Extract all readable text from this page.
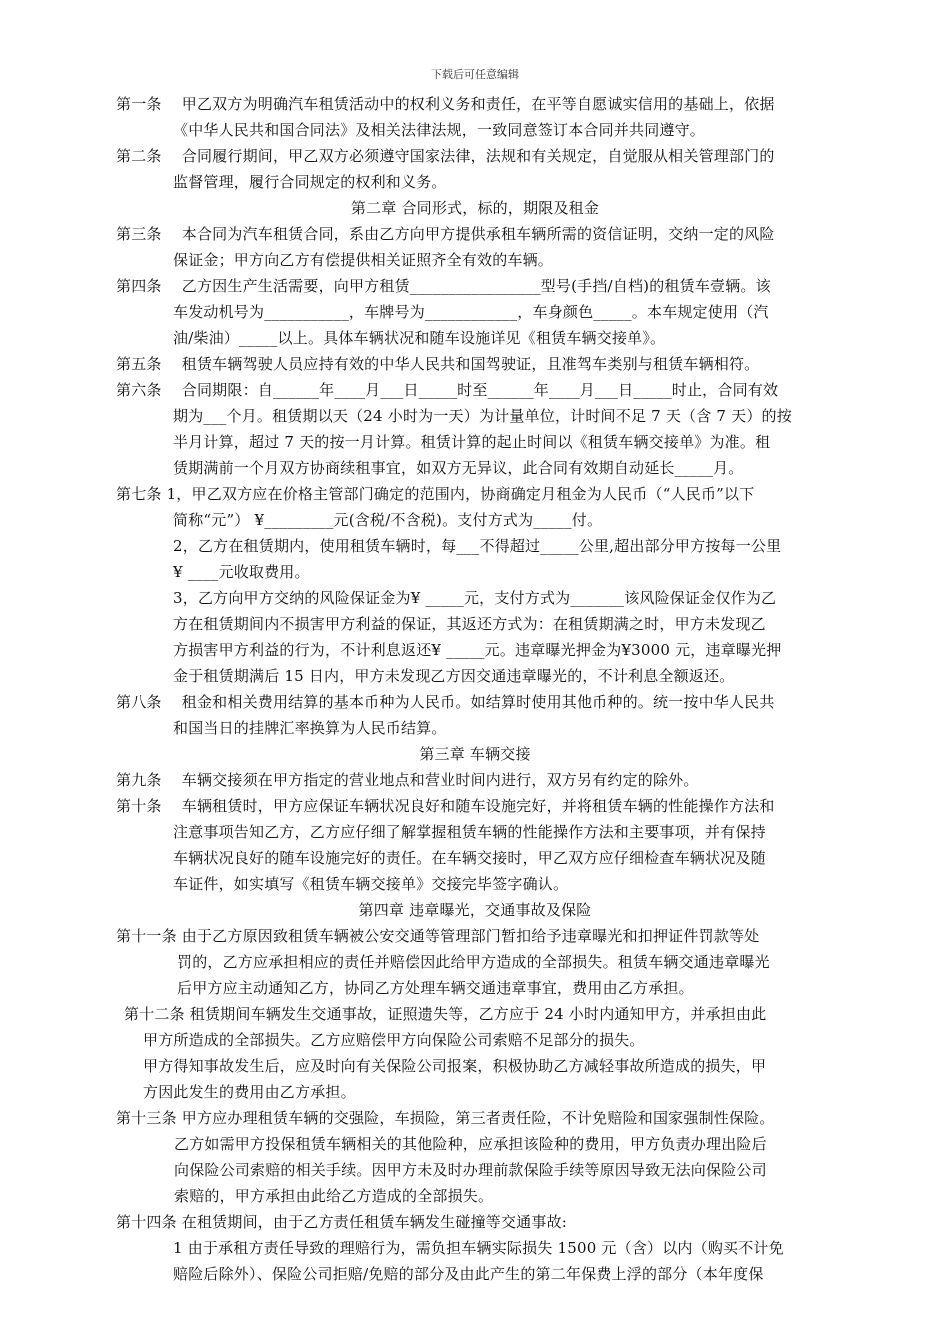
下载后可任意编辑
第一条　 甲乙双方为明确汽车租赁活动中的权利义务和责任，在平等自愿诚实信用的基础上，依据
《中华人民共和国合同法》及相关法律法规，一致同意签订本合同并共同遵守。
第二条　 合同履行期间，甲乙双方必须遵守国家法律，法规和有关规定，自觉服从相关管理部门的
监督管理，履行合同规定的权利和义务。
第二章 合同形式，标的，期限及租金
第三条　 本合同为汽车租赁合同，系由乙方向甲方提供承租车辆所需的资信证明，交纳一定的风险
保证金；甲方向乙方有偿提供相关证照齐全有效的车辆。
第四条　 乙方因生产生活需要，向甲方租赁_________________型号(手挡/自档)的租赁车壹辆。该
车发动机号为___________，车牌号为____________，车身颜色_____。本车规定使用（汽
油/柴油）_____以上。具体车辆状况和随车设施详见《租赁车辆交接单》。
第五条　 租赁车辆驾驶人员应持有效的中华人民共和国驾驶证，且准驾车类别与租赁车辆相符。
第六条　 合同期限：自______年____月___日_____时至______年____月___日_____时止，合同有效
期为___个月。租赁期以天（24 小时为一天）为计量单位，计时间不足 7 天（含 7 天）的按
半月计算，超过 7 天的按一月计算。租赁计算的起止时间以《租赁车辆交接单》为准。租
赁期满前一个月双方协商续租事宜，如双方无异议，此合同有效期自动延长_____月。
第七条 1，甲乙双方应在价格主管部门确定的范围内，协商确定月租金为人民币（“人民币”以下
简称“元”） ¥_________元(含税/不含税)。支付方式为_____付。
2，乙方在租赁期内，使用租赁车辆时，每___不得超过_____公里,超出部分甲方按每一公里
¥ ____元收取费用。
3，乙方向甲方交纳的风险保证金为¥ _____元，支付方式为_______该风险保证金仅作为乙
方在租赁期间内不损害甲方利益的保证，其返还方式为：在租赁期满之时，甲方未发现乙
方损害甲方利益的行为，不计利息返还¥ _____元。违章曝光押金为¥3000 元，违章曝光押
金于租赁期满后 15 日内，甲方未发现乙方因交通违章曝光的，不计利息全额返还。
第八条　 租金和相关费用结算的基本币种为人民币。如结算时使用其他币种的。统一按中华人民共
和国当日的挂牌汇率换算为人民币结算。
第三章 车辆交接
第九条　 车辆交接须在甲方指定的营业地点和营业时间内进行，双方另有约定的除外。
第十条　 车辆租赁时，甲方应保证车辆状况良好和随车设施完好，并将租赁车辆的性能操作方法和
注意事项告知乙方，乙方应仔细了解掌握租赁车辆的性能操作方法和主要事项，并有保持
车辆状况良好的随车设施完好的责任。在车辆交接时，甲乙双方应仔细检查车辆状况及随
车证件，如实填写《租赁车辆交接单》交接完毕签字确认。
第四章 违章曝光，交通事故及保险
第十一条 由于乙方原因致租赁车辆被公安交通等管理部门暂扣给予违章曝光和扣押证件罚款等处
罚的，乙方应承担相应的责任并赔偿因此给甲方造成的全部损失。租赁车辆交通违章曝光
后甲方应主动通知乙方，协同乙方处理车辆交通违章事宜，费用由乙方承担。
第十二条 租赁期间车辆发生交通事故，证照遗失等，乙方应于 24 小时内通知甲方，并承担由此
甲方所造成的全部损失。乙方应赔偿甲方向保险公司索赔不足部分的损失。
甲方得知事故发生后，应及时向有关保险公司报案，积极协助乙方减轻事故所造成的损失，甲
方因此发生的费用由乙方承担。
第十三条 甲方应办理租赁车辆的交强险，车损险，第三者责任险，不计免赔险和国家强制性保险。
乙方如需甲方投保租赁车辆相关的其他险种，应承担该险种的费用，甲方负责办理出险后
向保险公司索赔的相关手续。因甲方未及时办理前款保险手续等原因导致无法向保险公司
索赔的，甲方承担由此给乙方造成的全部损失。
第十四条 在租赁期间，由于乙方责任租赁车辆发生碰撞等交通事故:
1 由于承租方责任导致的理赔行为，需负担车辆实际损失 1500 元（含）以内（购买不计免
赔险后除外）、保险公司拒赔/免赔的部分及由此产生的第二年保费上浮的部分（本年度保
